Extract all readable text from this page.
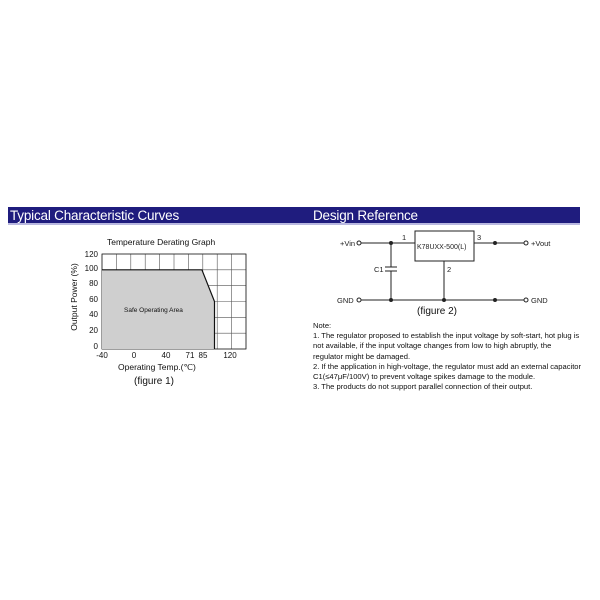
Typical Characteristic Curves	Design Reference
Temperature Derating Graph
Output Power (%)
120
100
80
60
40
20
0
-40	0	40	71 85	120
Operating Temp.(℃)
(figure 1)
Safe Operating Area
+Vin	+Vout
GND	GND
C1
K78UXX-500(L)
1
2
3
(figure 2)
Note:
1. The regulator proposed to establish the input voltage by soft-start, hot plug is not available, if the input voltage changes from low to high abruptly, the regulator might be damaged.
2. If the application in high-voltage, the regulator must add an external capacitor C1(≤47μF/100V) to prevent voltage spikes damage to the module.
3. The products do not support parallel connection of their output.
